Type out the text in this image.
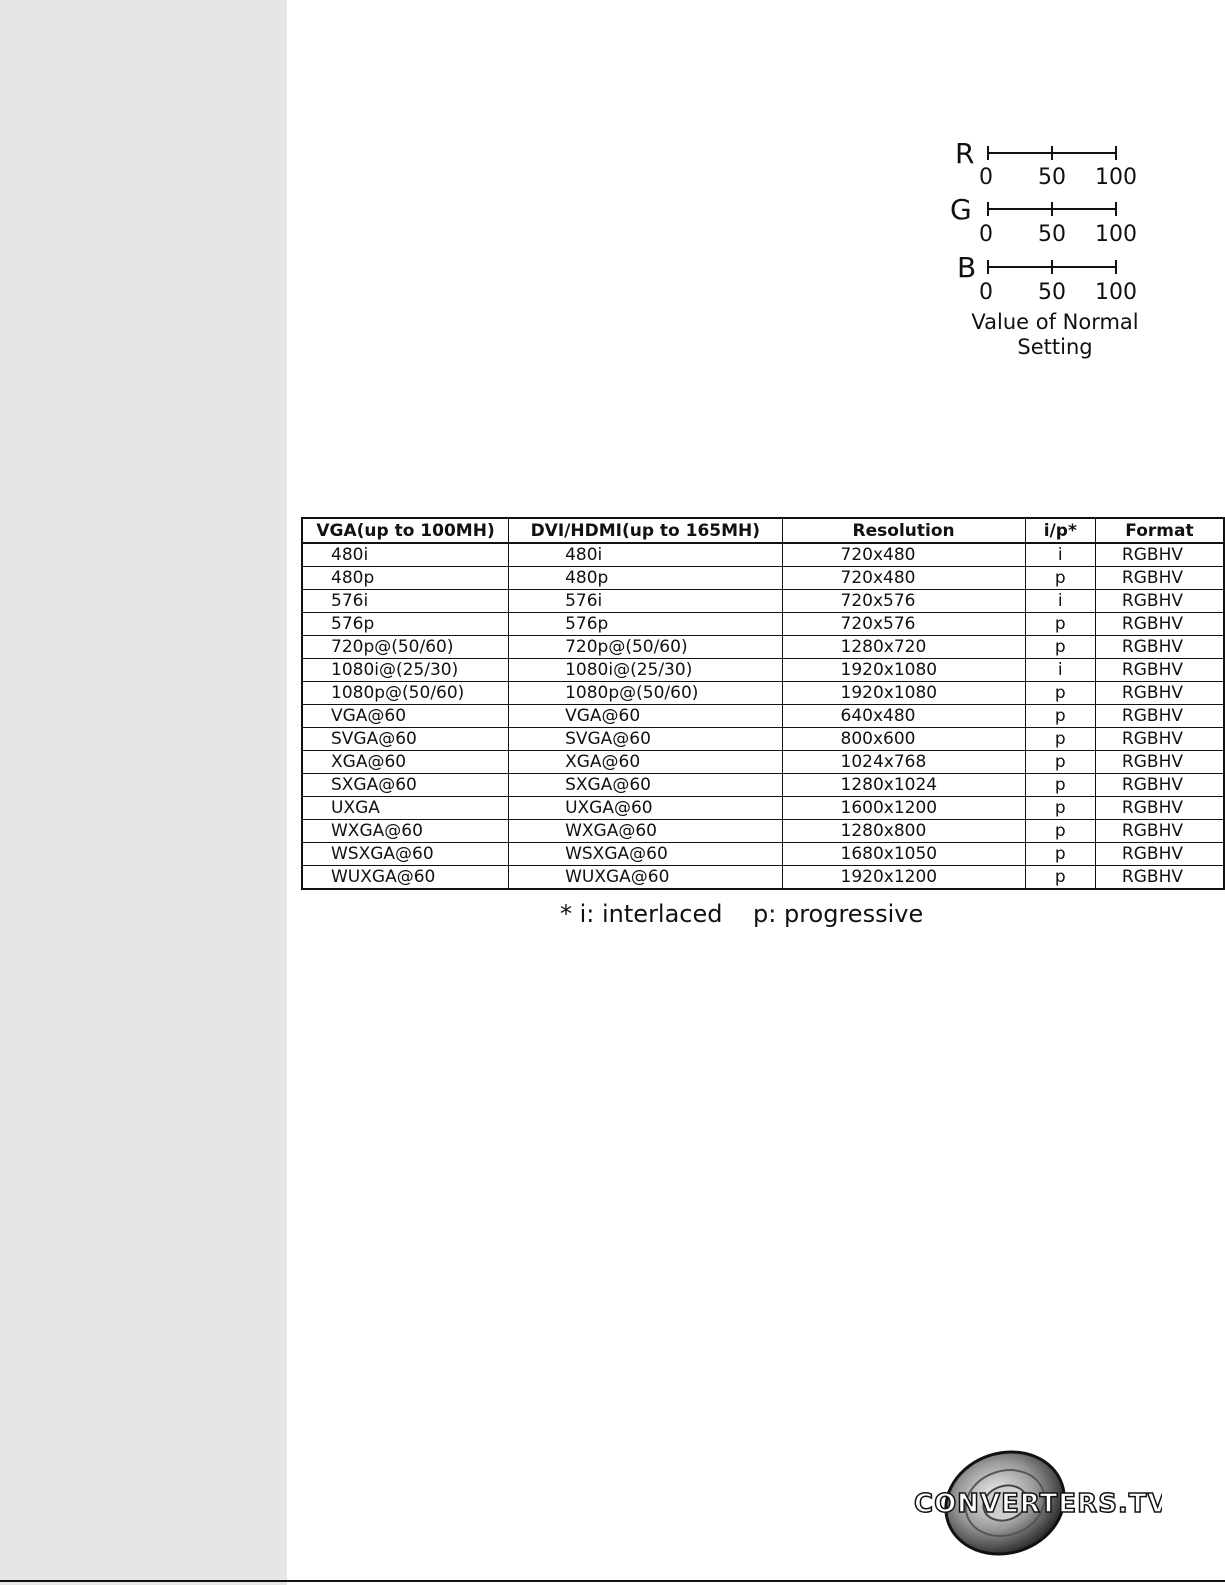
R
0 50 100
G
0 50 100
B
0 50 100
Value of Normal
Setting
VGA(up to 100MH)	DVI/HDMI(up to 165MH)	Resolution	i/p*	Format
480i	480i	720x480	i	RGBHV
480p	480p	720x480	p	RGBHV
576i	576i	720x576	i	RGBHV
576p	576p	720x576	p	RGBHV
720p@(50/60)	720p@(50/60)	1280x720	p	RGBHV
1080i@(25/30)	1080i@(25/30)	1920x1080	i	RGBHV
1080p@(50/60)	1080p@(50/60)	1920x1080	p	RGBHV
VGA@60	VGA@60	640x480	p	RGBHV
SVGA@60	SVGA@60	800x600	p	RGBHV
XGA@60	XGA@60	1024x768	p	RGBHV
SXGA@60	SXGA@60	1280x1024	p	RGBHV
UXGA	UXGA@60	1600x1200	p	RGBHV
WXGA@60	WXGA@60	1280x800	p	RGBHV
WSXGA@60	WSXGA@60	1680x1050	p	RGBHV
WUXGA@60	WUXGA@60	1920x1200	p	RGBHV
* i: interlaced    p: progressive
CONVERTERS.TV
